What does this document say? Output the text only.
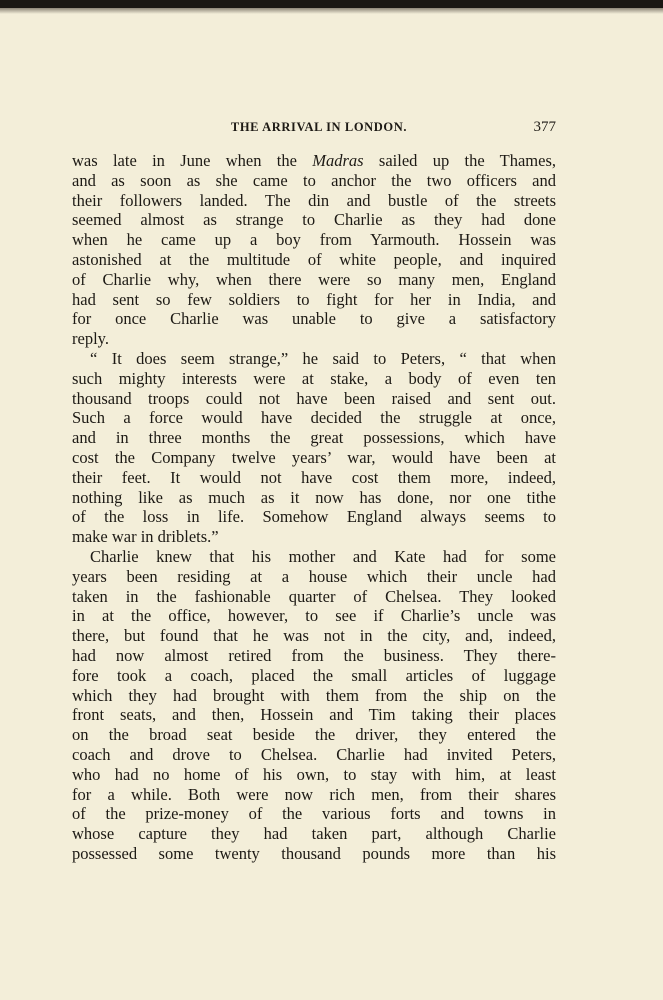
THE ARRIVAL IN LONDON.	377
was late in June when the Madras sailed up the Thames,
and as soon as she came to anchor the two officers and
their followers landed. The din and bustle of the streets
seemed almost as strange to Charlie as they had done
when he came up a boy from Yarmouth. Hossein was
astonished at the multitude of white people, and inquired
of Charlie why, when there were so many men, England
had sent so few soldiers to fight for her in India, and
for once Charlie was unable to give a satisfactory
reply.
“ It does seem strange,” he said to Peters, “ that when
such mighty interests were at stake, a body of even ten
thousand troops could not have been raised and sent out.
Such a force would have decided the struggle at once,
and in three months the great possessions, which have
cost the Company twelve years’ war, would have been at
their feet. It would not have cost them more, indeed,
nothing like as much as it now has done, nor one tithe
of the loss in life. Somehow England always seems to
make war in driblets.”
Charlie knew that his mother and Kate had for some
years been residing at a house which their uncle had
taken in the fashionable quarter of Chelsea. They looked
in at the office, however, to see if Charlie’s uncle was
there, but found that he was not in the city, and, indeed,
had now almost retired from the business. They there-
fore took a coach, placed the small articles of luggage
which they had brought with them from the ship on the
front seats, and then, Hossein and Tim taking their places
on the broad seat beside the driver, they entered the
coach and drove to Chelsea. Charlie had invited Peters,
who had no home of his own, to stay with him, at least
for a while. Both were now rich men, from their shares
of the prize-money of the various forts and towns in
whose capture they had taken part, although Charlie
possessed some twenty thousand pounds more than his
